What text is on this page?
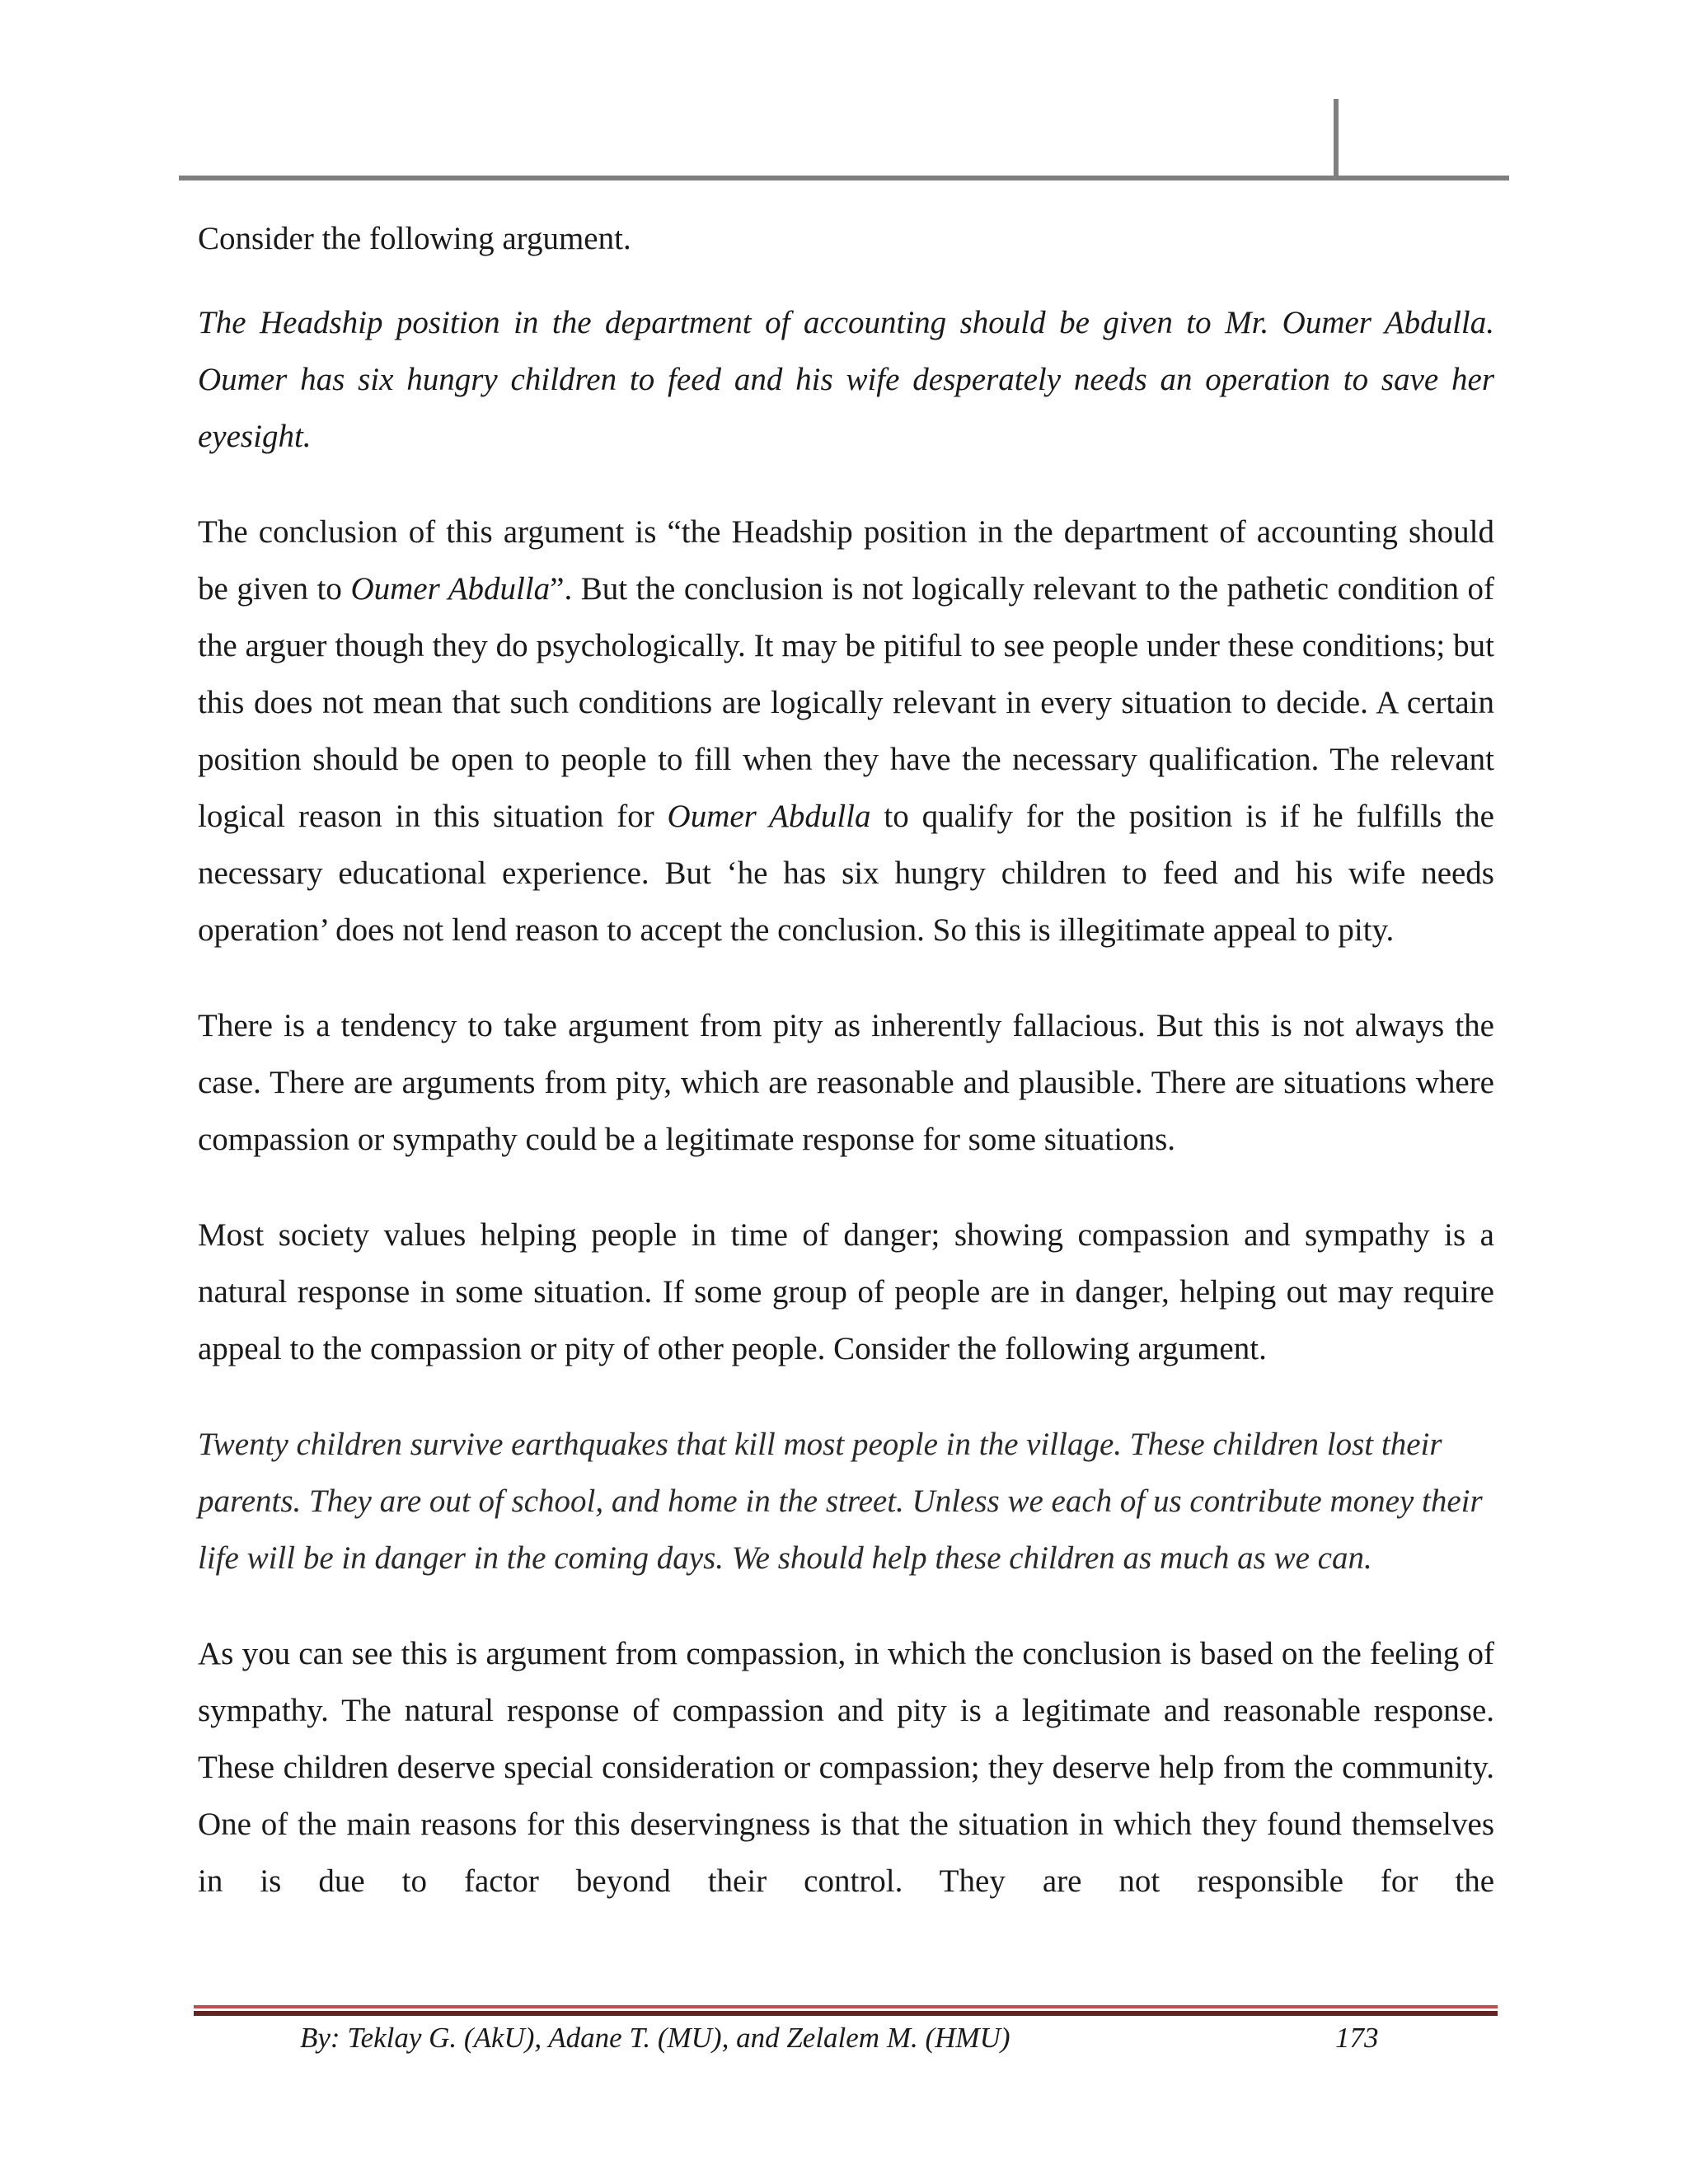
Consider the following argument.

The Headship position in the department of accounting should be given to Mr. Oumer Abdulla. Oumer has six hungry children to feed and his wife desperately needs an operation to save her eyesight.

The conclusion of this argument is “the Headship position in the department of accounting should be given to Oumer Abdulla”. But the conclusion is not logically relevant to the pathetic condition of the arguer though they do psychologically. It may be pitiful to see people under these conditions; but this does not mean that such conditions are logically relevant in every situation to decide. A certain position should be open to people to fill when they have the necessary qualification. The relevant logical reason in this situation for Oumer Abdulla to qualify for the position is if he fulfills the necessary educational experience. But ‘he has six hungry children to feed and his wife needs operation’ does not lend reason to accept the conclusion. So this is illegitimate appeal to pity.

There is a tendency to take argument from pity as inherently fallacious. But this is not always the case. There are arguments from pity, which are reasonable and plausible. There are situations where compassion or sympathy could be a legitimate response for some situations.

Most society values helping people in time of danger; showing compassion and sympathy is a natural response in some situation. If some group of people are in danger, helping out may require appeal to the compassion or pity of other people. Consider the following argument.

Twenty children survive earthquakes that kill most people in the village. These children lost their parents. They are out of school, and home in the street. Unless we each of us contribute money their life will be in danger in the coming days. We should help these children as much as we can.

As you can see this is argument from compassion, in which the conclusion is based on the feeling of sympathy. The natural response of compassion and pity is a legitimate and reasonable response. These children deserve special consideration or compassion; they deserve help from the community. One of the main reasons for this deservingness is that the situation in which they found themselves in is due to factor beyond their control. They are not responsible for the

By: Teklay G. (AkU), Adane T. (MU), and Zelalem M. (HMU)	173
